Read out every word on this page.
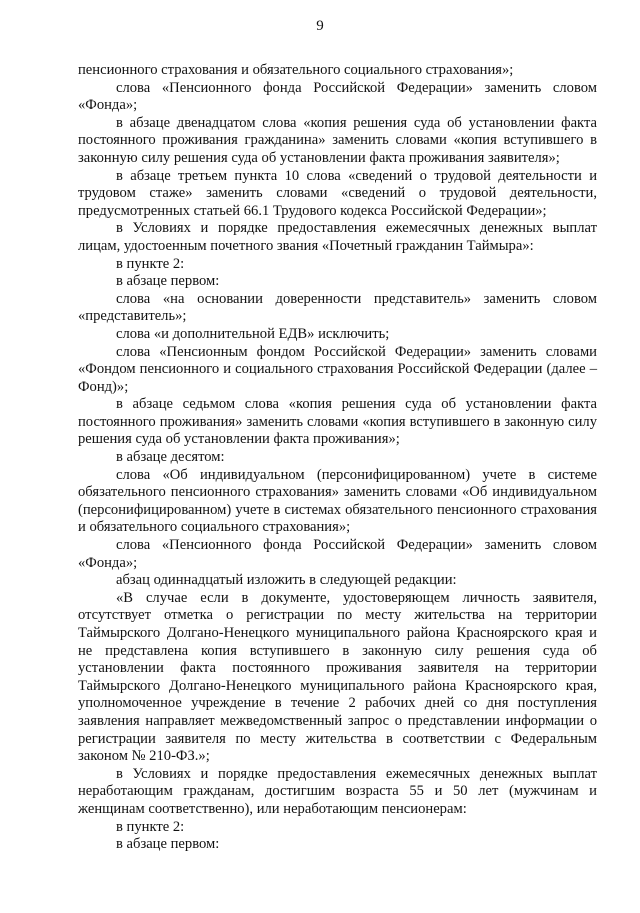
9

пенсионного страхования и обязательного социального страхования»;

слова «Пенсионного фонда Российской Федерации» заменить словом «Фонда»;

в абзаце двенадцатом слова «копия решения суда об установлении факта постоянного проживания гражданина» заменить словами «копия вступившего в законную силу решения суда об установлении факта проживания заявителя»;

в абзаце третьем пункта 10 слова «сведений о трудовой деятельности и трудовом стаже» заменить словами «сведений о трудовой деятельности, предусмотренных статьей 66.1 Трудового кодекса Российской Федерации»;

в Условиях и порядке предоставления ежемесячных денежных выплат лицам, удостоенным почетного звания «Почетный гражданин Таймыра»:

в пункте 2:

в абзаце первом:

слова «на основании доверенности представитель» заменить словом «представитель»;

слова «и дополнительной ЕДВ» исключить;

слова «Пенсионным фондом Российской Федерации» заменить словами «Фондом пенсионного и социального страхования Российской Федерации (далее – Фонд)»;

в абзаце седьмом слова «копия решения суда об установлении факта постоянного проживания» заменить словами «копия вступившего в законную силу решения суда об установлении факта проживания»;

в абзаце десятом:

слова «Об индивидуальном (персонифицированном) учете в системе обязательного пенсионного страхования» заменить словами «Об индивидуальном (персонифицированном) учете в системах обязательного пенсионного страхования и обязательного социального страхования»;

слова «Пенсионного фонда Российской Федерации» заменить словом «Фонда»;

абзац одиннадцатый изложить в следующей редакции:

«В случае если в документе, удостоверяющем личность заявителя, отсутствует отметка о регистрации по месту жительства на территории Таймырского Долгано-Ненецкого муниципального района Красноярского края и не представлена копия вступившего в законную силу решения суда об установлении факта постоянного проживания заявителя на территории Таймырского Долгано-Ненецкого муниципального района Красноярского края, уполномоченное учреждение в течение 2 рабочих дней со дня поступления заявления направляет межведомственный запрос о представлении информации о регистрации заявителя по месту жительства в соответствии с Федеральным законом № 210-ФЗ.»;

в Условиях и порядке предоставления ежемесячных денежных выплат неработающим гражданам, достигшим возраста 55 и 50 лет (мужчинам и женщинам соответственно), или неработающим пенсионерам:

в пункте 2:

в абзаце первом:
